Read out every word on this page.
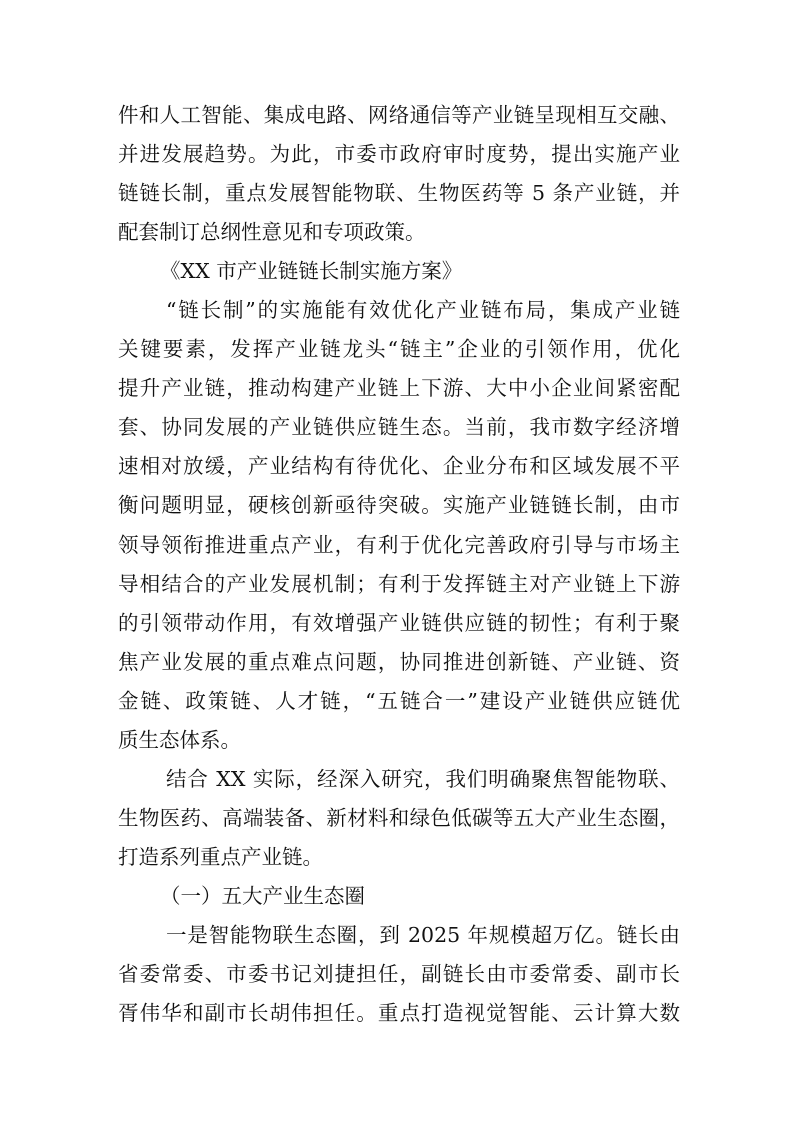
件和人工智能、集成电路、网络通信等产业链呈现相互交融、
并进发展趋势。为此，市委市政府审时度势，提出实施产业
链链长制，重点发展智能物联、生物医药等 5 条产业链，并
配套制订总纲性意见和专项政策。
《XX 市产业链链长制实施方案》
“链长制”的实施能有效优化产业链布局，集成产业链
关键要素，发挥产业链龙头“链主”企业的引领作用，优化
提升产业链，推动构建产业链上下游、大中小企业间紧密配
套、协同发展的产业链供应链生态。当前，我市数字经济增
速相对放缓，产业结构有待优化、企业分布和区域发展不平
衡问题明显，硬核创新亟待突破。实施产业链链长制，由市
领导领衔推进重点产业，有利于优化完善政府引导与市场主
导相结合的产业发展机制；有利于发挥链主对产业链上下游
的引领带动作用，有效增强产业链供应链的韧性；有利于聚
焦产业发展的重点难点问题，协同推进创新链、产业链、资
金链、政策链、人才链，“五链合一”建设产业链供应链优
质生态体系。
结合 XX 实际，经深入研究，我们明确聚焦智能物联、
生物医药、高端装备、新材料和绿色低碳等五大产业生态圈，
打造系列重点产业链。
（一）五大产业生态圈
一是智能物联生态圈，到 2025 年规模超万亿。链长由
省委常委、市委书记刘捷担任，副链长由市委常委、副市长
胥伟华和副市长胡伟担任。重点打造视觉智能、云计算大数
